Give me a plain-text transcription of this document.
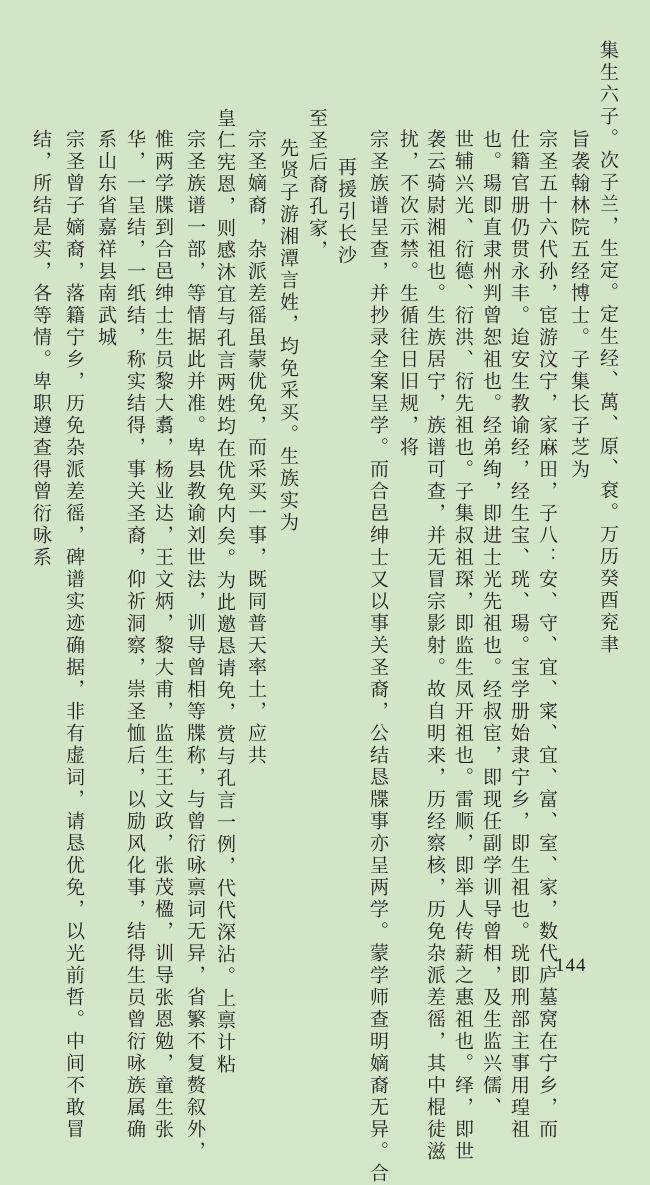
集生六子。次子兰，生定。定生经、萬、原、袞。万历癸酉兖聿
旨袭翰林院五经博士。子集长子芝为
宗圣五十六代孙，宦游汶宁，家麻田，子八：安、守、宜、寀、宜、富、室、家，数代庐墓窝在宁乡，而
仕籍官册仍贯永丰。迨安生教谕经，经生宝、珖、瑒。宝学册始隶宁乡，即生祖也。珖即刑部主事用瑝祖
也。瑒即直隶州判曾恕祖也。经弟绚，即进士光先祖也。经叔宦，即现任副学训导曾相，及生监兴儒、
世辅兴光、衍德、衍洪、衍先祖也。子集叔祖琛，即监生凤开祖也。雷顺，即举人传薪之惠祖也。绎，即世
袭云骑尉湘祖也。生族居宁，族谱可查，并无冒宗影射。故自明来，历经察核，历免杂派差徭，其中棍徒滋
扰，不次示禁。生循往日旧规，将
宗圣族谱呈查，并抄录全案呈学。而合邑绅士又以事关圣裔，公结恳牒事亦呈两学。蒙学师查明嫡裔无异。合
再援引长沙
至圣后裔孔家，
先贤子游湘潭言姓，均免采买。生族实为
宗圣嫡裔，杂派差徭虽蒙优免，而采买一事，既同普天率土，应共
皇仁宪恩，则感沐宜与孔言两姓均在优免内矣。为此邀恳请免，赏与孔言一例，代代深沾。上禀计粘
宗圣族谱一部，等情据此并准。卑县教谕刘世法，训导曾相等牒称，与曾衍咏禀词无异，省繁不复赘叙外，
惟两学牒到合邑绅士生员黎大翥，杨业达，王文炳，黎大甫，监生王文政，张茂楹，训导张恩勉，童生张
华，一呈结，一纸结，称实结得，事关圣裔，仰祈洞察，崇圣恤后，以励风化事，结得生员曾衍咏族属确
系山东省嘉祥县南武城
宗圣曾子嫡裔，落籍宁乡，历免杂派差徭，碑谱实迹确据，非有虚词，请恳优免，以光前哲。中间不敢冒
结，所结是实，各等情。卑职遵查得曾衍咏系
144
